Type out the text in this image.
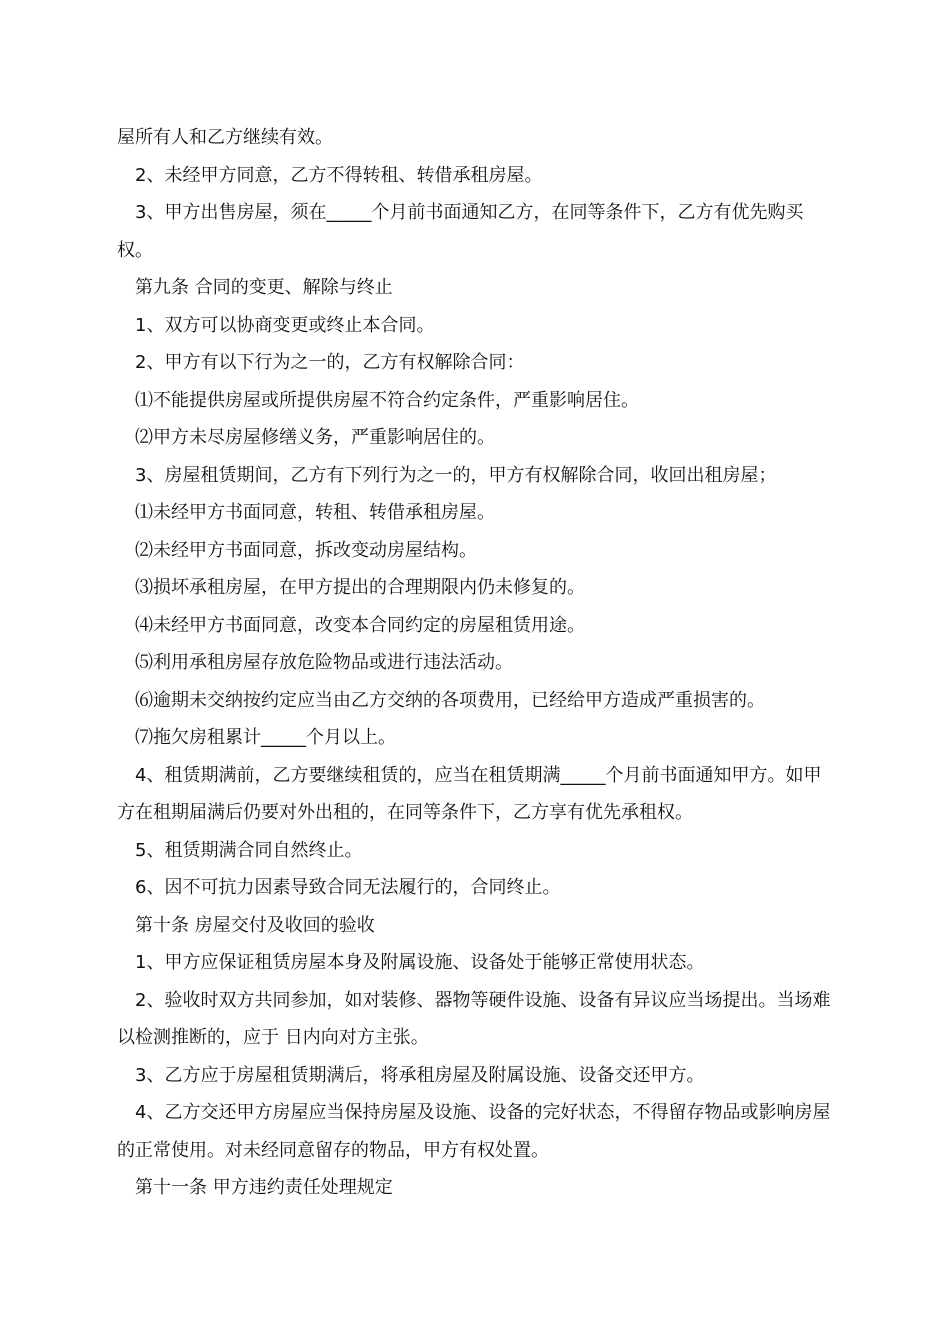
屋所有人和乙方继续有效。

2、未经甲方同意，乙方不得转租、转借承租房屋。

3、甲方出售房屋，须在_____个月前书面通知乙方，在同等条件下，乙方有优先购买权。

第九条 合同的变更、解除与终止

1、双方可以协商变更或终止本合同。

2、甲方有以下行为之一的，乙方有权解除合同：

⑴不能提供房屋或所提供房屋不符合约定条件，严重影响居住。

⑵甲方未尽房屋修缮义务，严重影响居住的。

3、房屋租赁期间，乙方有下列行为之一的，甲方有权解除合同，收回出租房屋；

⑴未经甲方书面同意，转租、转借承租房屋。

⑵未经甲方书面同意，拆改变动房屋结构。

⑶损坏承租房屋，在甲方提出的合理期限内仍未修复的。

⑷未经甲方书面同意，改变本合同约定的房屋租赁用途。

⑸利用承租房屋存放危险物品或进行违法活动。

⑹逾期未交纳按约定应当由乙方交纳的各项费用，已经给甲方造成严重损害的。

⑺拖欠房租累计_____个月以上。

4、租赁期满前，乙方要继续租赁的，应当在租赁期满_____个月前书面通知甲方。如甲方在租期届满后仍要对外出租的，在同等条件下，乙方享有优先承租权。

5、租赁期满合同自然终止。

6、因不可抗力因素导致合同无法履行的，合同终止。

第十条 房屋交付及收回的验收

1、甲方应保证租赁房屋本身及附属设施、设备处于能够正常使用状态。

2、验收时双方共同参加，如对装修、器物等硬件设施、设备有异议应当场提出。当场难以检测推断的，应于 日内向对方主张。

3、乙方应于房屋租赁期满后，将承租房屋及附属设施、设备交还甲方。

4、乙方交还甲方房屋应当保持房屋及设施、设备的完好状态，不得留存物品或影响房屋的正常使用。对未经同意留存的物品，甲方有权处置。

第十一条 甲方违约责任处理规定
